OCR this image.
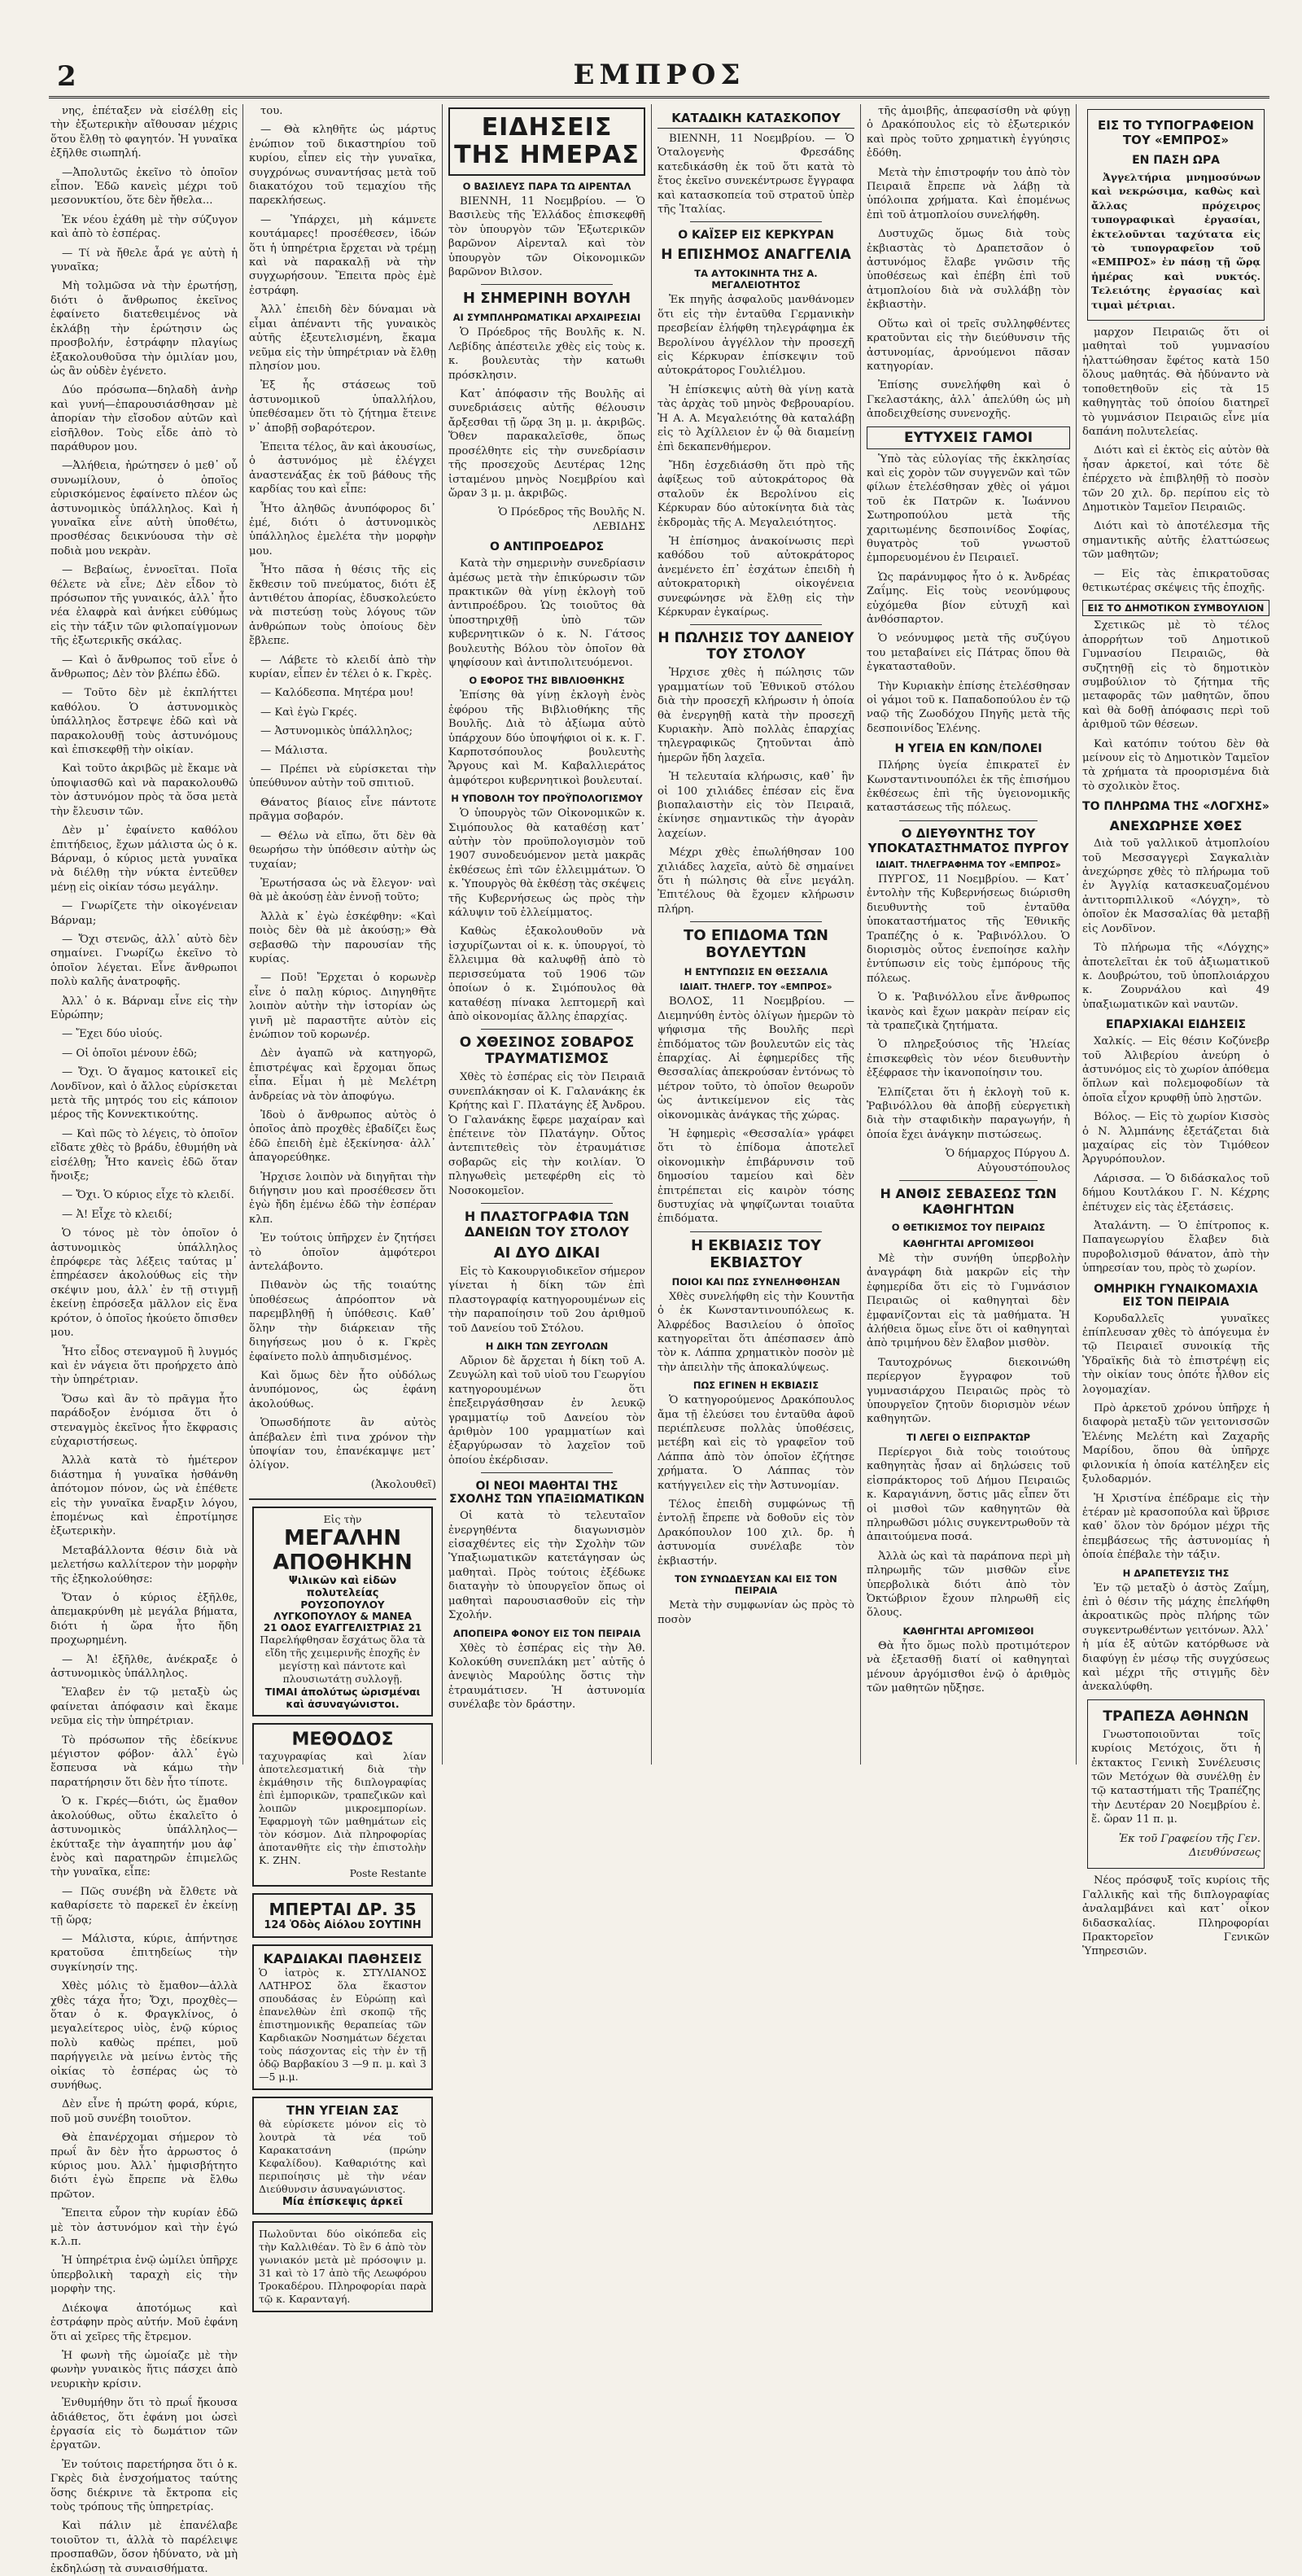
2	ΕΜΠΡΟΣ

νης, ἐπέταξεν νὰ εἰσέλθῃ εἰς τὴν ἐξωτερικὴν αἴθουσαν μέχρις ὅτου ἔλθῃ τὸ φαγητόν. Ἡ γυναῖκα ἐξῆλθε σιωπηλή.

—Ἀπολυτῶς ἐκεῖνο τὸ ὁποῖον εἶπον. Ἐδῶ κανεὶς μέχρι τοῦ μεσονυκτίου, ὅτε δὲν ἤθελα...

Ἐκ νέου ἐχάθη μὲ τὴν σύζυγον καὶ ἀπὸ τὸ ἑσπέρας.

— Τί νὰ ἤθελε ἆρά γε αὐτὴ ἡ γυναῖκα;

Μὴ τολμῶσα νὰ τὴν ἐρωτήσῃ, διότι ὁ ἄνθρωπος ἐκεῖνος ἐφαίνετο διατεθειμένος νὰ ἐκλάβῃ τὴν ἐρώτησιν ὡς προσβολήν, ἐστράφην πλαγίως ἐξακολουθοῦσα τὴν ὁμιλίαν μου, ὡς ἂν οὐδὲν ἐγένετο.

Δύο πρόσωπα—δηλαδὴ ἀνὴρ καὶ γυνή—ἐπαρουσιάσθησαν μὲ ἀπορίαν τὴν εἴσοδον αὐτῶν καὶ εἰσῆλθον. Τοὺς εἶδε ἀπὸ τὸ παράθυρον μου.

—Ἀλήθεια, ἠρώτησεν ὁ μεθ᾿ οὗ συνωμίλουν, ὁ ὁποῖος εὑρισκόμενος ἐφαίνετο πλέον ὡς ἀστυνομικὸς ὑπάλληλος. Καὶ ἡ γυναῖκα εἶνε αὐτὴ ὑποθέτω, προσθέσας δεικνύουσα τὴν σὲ ποδιὰ μου νεκρὰν.

— Βεβαίως, ἐννοεῖται. Ποῖα θέλετε νὰ εἶνε; Δὲν εἶδον τὸ πρόσωπον τῆς γυναικός, ἀλλ᾿ ἦτο νέα ἐλαφρὰ καὶ ἀνήκει εὐθύμως εἰς τὴν τάξιν τῶν φιλοπαίγμονων τῆς ἐξωτερικῆς σκάλας.

— Καὶ ὁ ἄνθρωπος τοῦ εἶνε ὁ ἄνθρωπος; Δὲν τὸν βλέπω ἐδῶ.

— Τοῦτο δὲν μὲ ἐκπλήττει καθόλου. Ὁ ἀστυνομικὸς ὑπάλληλος ἔστρεψε ἐδῶ καὶ νὰ παρακολουθῇ τοὺς ἀστυνόμους καὶ ἐπισκεφθῇ τὴν οἰκίαν.

Καὶ τοῦτο ἀκριβῶς μὲ ἔκαμε νὰ ὑποψιασθῶ καὶ νὰ παρακολουθῶ τὸν ἀστυνόμον πρὸς τὰ ὅσα μετὰ τὴν ἔλευσιν τῶν.

Δὲν μ᾿ ἐφαίνετο καθόλου ἐπιτήδειος, ἔχων μάλιστα ὡς ὁ κ. Βάρναμ, ὁ κύριος μετὰ γυναῖκα νὰ διέλθῃ τὴν νύκτα ἐντεῦθεν μένῃ εἰς οἰκίαν τόσω μεγάλην.

— Γνωρίζετε τὴν οἰκογένειαν Βάρναμ;

— Ὄχι στενῶς, ἀλλ᾿ αὐτὸ δὲν σημαίνει. Γνωρίζω ἐκεῖνο τὸ ὁποῖον λέγεται. Εἶνε ἄνθρωποι πολὺ καλῆς ἀνατροφῆς.

Ἀλλ᾿ ὁ κ. Βάρναμ εἶνε εἰς τὴν Εὐρώπην;

— Ἔχει δύο υἱούς.

— Οἱ ὁποῖοι μένουν ἐδῶ;

— Ὄχι. Ὁ ἄγαμος κατοικεῖ εἰς Λονδῖνον, καὶ ὁ ἄλλος εὑρίσκεται μετὰ τῆς μητρός του εἰς κάποιον μέρος τῆς Κοννεκτικούτης.

— Καὶ πῶς τὸ λέγεις, τὸ ὁποῖον εἴδατε χθὲς τὸ βράδυ, ἐθυμήθη νὰ εἰσέλθῃ; Ἦτο κανεὶς ἐδῶ ὅταν ἤνοιξε;

— Ὄχι. Ὁ κύριος εἶχε τὸ κλειδί.

— Ἀ! Εἶχε τὸ κλειδί;

Ὁ τόνος μὲ τὸν ὁποῖον ὁ ἀστυνομικὸς ὑπάλληλος ἐπρόφερε τὰς λέξεις ταύτας μ᾿ ἐπηρέασεν ἀκολούθως εἰς τὴν σκέψιν μου, ἀλλ᾿ ἐν τῇ στιγμῇ ἐκείνῃ ἐπρόσεξα μᾶλλον εἰς ἕνα κρότον, ὁ ὁποῖος ἠκούετο ὄπισθεν μου.

Ἦτο εἶδος στεναγμοῦ ἢ λυγμός καὶ ἐν νάγεια ὅτι προήρχετο ἀπὸ τὴν ὑπηρέτριαν.

Ὅσω καὶ ἂν τὸ πρᾶγμα ἦτο παράδοξον ἐνόμισα ὅτι ὁ στεναγμὸς ἐκεῖνος ἦτο ἔκφρασις εὐχαριστήσεως.

Ἀλλὰ κατὰ τὸ ἡμέτερον διάστημα ἡ γυναῖκα ἠσθάνθη ἀπότομον πόνον, ὡς νὰ ἐπέθετε εἰς τὴν γυναῖκα ἔναρξιν λόγου, ἑπομένως καὶ ἐπροτίμησε ἐξωτερικὴν.

Μεταβάλλοντα θέσιν διὰ νὰ μελετήσω καλλίτερον τὴν μορφὴν τῆς ἐξηκολούθησε:

Ὅταν ὁ κύριος ἐξῆλθε, ἀπεμακρύνθη μὲ μεγάλα βήματα, διότι ἡ ὥρα ἦτο ἤδη προχωρημένη.

— Ἀ! ἐξῆλθε, ἀνέκραξε ὁ ἀστυνομικὸς ὑπάλληλος.

Ἔλαβεν ἐν τῷ μεταξὺ ὡς φαίνεται ἀπόφασιν καὶ ἔκαμε νεῦμα εἰς τὴν ὑπηρέτριαν.

Τὸ πρόσωπον τῆς ἐδείκνυε μέγιστον φόβον· ἀλλ᾿ ἐγὼ ἔσπευσα νὰ κάμω τὴν παρατήρησιν ὅτι δὲν ἦτο τίποτε.

Ὁ κ. Γκρές—διότι, ὡς ἔμαθον ἀκολούθως, οὕτω ἐκαλεῖτο ὁ ἀστυνομικὸς ὑπάλληλος—ἐκύτταξε τὴν ἀγαπητήν μου ἀφ᾿ ἑνὸς καὶ παρατηρῶν ἐπιμελῶς τὴν γυναῖκα, εἶπε:

— Πῶς συνέβη νὰ ἔλθετε νὰ καθαρίσετε τὸ παρεκεῖ ἐν ἐκείνῃ τῇ ὥρᾳ;

— Μάλιστα, κύριε, ἀπήντησε κρατοῦσα ἐπιτηδείως τὴν συγκίνησίν της.

Χθὲς μόλις τὸ ἔμαθον—ἀλλὰ χθὲς τάχα ἦτο; Ὄχι, προχθὲς—ὅταν ὁ κ. Φραγκλίνος, ὁ μεγαλείτερος υἱὸς, ἐνῷ κύριος πολὺ καθὼς πρέπει, μοῦ παρήγγειλε νὰ μείνω ἐντὸς τῆς οἰκίας τὸ ἑσπέρας ὡς τὸ συνήθως.

Δὲν εἶνε ἡ πρώτη φορά, κύριε, ποῦ μοῦ συνέβη τοιοῦτον.

Θὰ ἐπανέρχομαι σήμερον τὸ πρωΐ ἂν δὲν ἦτο ἀρρωστος ὁ κύριος μου. Ἀλλ᾿ ἡμφισβήτητο διότι ἐγὼ ἔπρεπε νὰ ἔλθω πρῶτον.

Ἔπειτα εὗρον τὴν κυρίαν ἐδῶ μὲ τὸν ἀστυνόμον καὶ τὴν ἐγώ κ.λ.π.

Ἡ ὑπηρέτρια ἐνῷ ὡμίλει ὑπῆρχε ὑπερβολικὴ ταραχὴ εἰς τὴν μορφὴν της.

Διέκοψα ἀποτόμως καὶ ἐστράφην πρὸς αὐτήν. Μοῦ ἐφάνη ὅτι αἱ χεῖρες τῆς ἔτρεμον.

Ἡ φωνὴ τῆς ὡμοίαζε μὲ τὴν φωνὴν γυναικὸς ἥτις πάσχει ἀπὸ νευρικὴν κρίσιν.

Ἐνθυμήθην ὅτι τὸ πρωΐ ἤκουσα ἀδιάθετος, ὅτι ἐφάνη μοι ὡσεὶ ἐργασία εἰς τὸ δωμάτιον τῶν ἐργατῶν.

Ἐν τούτοις παρετήρησα ὅτι ὁ κ. Γκρὲς διὰ ἐνσχοήματος ταύτης ὅσης διέκρινε τὰ ἔκτροπα εἰς τοὺς τρόπους τῆς ὑπηρετρίας.

Καὶ πάλιν μὲ ἐπανέλαβε τοιοῦτον τι, ἀλλὰ τὸ παρέλειψε προσπαθῶν, ὅσον ἠδύνατο, νὰ μὴ ἐκδηλώσῃ τὰ συναισθήματα.

του.

— Θὰ κληθῆτε ὡς μάρτυς ἐνώπιον τοῦ δικαστηρίου τοῦ κυρίου, εἶπεν εἰς τὴν γυναῖκα, συγχρόνως συναντήσας μετὰ τοῦ διακατόχου τοῦ τεμαχίου τῆς παρεκλήσεως.

— Ὑπάρχει, μὴ κάμνετε κουτάμαρες! προσέθεσεν, ἰδών ὅτι ἡ ὑπηρέτρια ἔρχεται νὰ τρέμῃ καὶ νὰ παρακαλῇ νὰ τὴν συγχωρήσουν. Ἔπειτα πρὸς ἐμὲ ἐστράφη.

Ἀλλ᾿ ἐπειδὴ δὲν δύναμαι νὰ εἶμαι ἀπέναντι τῆς γυναικὸς αὐτῆς ἐξευτελισμένη, ἔκαμα νεῦμα εἰς τὴν ὑπηρέτριαν νὰ ἔλθῃ πλησίον μου.

Ἐξ ἧς στάσεως τοῦ ἀστυνομικοῦ ὑπαλλήλου, ὑπεθέσαμεν ὅτι τὸ ζήτημα ἔτεινε ν᾿ ἀποβῇ σοβαρότερον.

Ἐπειτα τέλος, ἂν καὶ ἀκουσίως, ὁ ἀστυνόμος μὲ ἐλέγχει ἀναστενάξας ἐκ τοῦ βάθους τῆς καρδίας του καὶ εἶπε:

Ἦτο ἀληθῶς ἀνυπόφορος δι᾿ ἐμέ, διότι ὁ ἀστυνομικὸς ὑπάλληλος ἐμελέτα τὴν μορφὴν μου.

Ἦτο πᾶσα ἡ θέσις τῆς εἰς ἔκθεσιν τοῦ πνεύματος, διότι ἐξ ἀντιθέτου ἀπορίας, ἐδυσκολεύετο νὰ πιστεύσῃ τοὺς λόγους τῶν ἀνθρώπων τοὺς ὁποίους δὲν ἔβλεπε.

— Λάβετε τὸ κλειδί ἀπὸ τὴν κυρίαν, εἶπεν ἐν τέλει ὁ κ. Γκρὲς.

— Καλόδεσπα. Μητέρα μου!

— Καὶ ἐγὼ Γκρές.

— Ἀστυνομικὸς ὑπάλληλος;

— Μάλιστα.

— Πρέπει νὰ εὑρίσκεται τὴν ὑπεύθυνον αὐτὴν τοῦ σπιτιοῦ.

Θάνατος βίαιος εἶνε πάντοτε πρᾶγμα σοβαρόν.

— Θέλω νὰ εἴπω, ὅτι δὲν θὰ θεωρήσω τὴν ὑπόθεσιν αὐτὴν ὡς τυχαίαν;

Ἐρωτήσασα ὡς νὰ ἔλεγον· ναὶ θὰ μὲ ἀκούσῃ ἐὰν ἐννοῇ τοῦτο;

Ἀλλὰ κ᾿ ἐγὼ ἐσκέφθην: «Καὶ ποιὸς δὲν θὰ μὲ ἀκούσῃ;» Θὰ σεβασθῶ τὴν παρουσίαν τῆς κυρίας.

— Ποῦ! Ἔρχεται ὁ κορωνὲρ εἶνε ὁ παλῃ κύριος. Διηγηθῆτε λοιπὸν αὐτὴν τὴν ἱστορίαν ὡς γινῆ μὲ παραστῆτε αὐτὸν εἰς ἐνώπιον τοῦ κορωνέρ.

Δὲν ἀγαπῶ νὰ κατηγορῶ, ἐπιστρέψας καὶ ἔρχομαι ὅπως εἶπα. Εἶμαι ἡ μὲ Μελέτρη ἀνδρείας νὰ τὸν ἀποφύγω.

Ἰδοὺ ὁ ἄνθρωπος αὐτὸς ὁ ὁποῖος ἀπὸ προχθὲς ἐβαδίζει ἔως ἐδῶ ἐπειδὴ ἐμὲ ἐξεκίνησα· ἀλλ᾿ ἀπαγορεύθηκε.

Ἠρχισε λοιπὸν νὰ διηγῆται τὴν διήγησιν μου καὶ προσέθεσεν ὅτι ἐγὼ ἤδη ἐμένω ἐδῶ τὴν ἐσπέραν κλπ.

Ἐν τούτοις ὑπῆρχεν ἐν ζητήσει τὸ ὁποῖον ἀμφότεροι ἀντελάβοντο.

Πιθανὸν ὡς τῆς τοιαύτης ὑποθέσεως ἀπρόοπτον νὰ παρεμβληθῇ ἡ ὑπόθεσις. Καθ᾿ ὅλην τὴν διάρκειαν τῆς διηγήσεως μου ὁ κ. Γκρὲς ἐφαίνετο πολὺ ἀπηυδισμένος.

Καὶ ὅμως δὲν ἦτο οὐδόλως ἀνυπόμονος, ὡς ἐφάνη ἀκολούθως.

Ὁπωσδήποτε ἂν αὐτὸς ἀπέβαλεν ἐπὶ τινα χρόνον τὴν ὑποψίαν του, ἐπανέκαμψε μετ᾿ ὀλίγον.

(Ἀκολουθεῖ)

Εἰς τὴν
ΜΕΓΑΛΗΝ ΑΠΟΘΗΚΗΝ
Ψιλικῶν καὶ εἰδῶν πολυτελείας
ΡΟΥΣΟΠΟΥΛΟΥ ΛΥΓΚΟΠΟΥΛΟΥ & ΜΑΝΕΑ
21 ΟΔΟΣ ΕΥΑΓΓΕΛΙΣΤΡΙΑΣ 21
Παρελήφθησαν ἔσχάτως ὅλα τὰ εἴδη τῆς χειμερινῆς ἐποχῆς ἐν μεγίστῃ καὶ πάντοτε καὶ πλουσιωτάτῃ συλλογῇ.
ΤΙΜΑΙ ἀπολύτως ὡρισμέναι καὶ ἀσυναγώνιστοι.
ΜΕΘΟΔΟΣ
ταχυγραφίας καὶ λίαν ἀποτελεσματική διὰ τὴν ἐκμάθησιν τῆς διπλογραφίας ἐπὶ ἐμπορικῶν, τραπεζικῶν καὶ λοιπῶν μικροεμπορίων. Ἐφαρμογὴ τῶν μαθημάτων εἰς τὸν κόσμον. Διὰ πληροφορίας ἀποτανθῆτε εἰς τὴν ἐπιστολὴν Κ. ΖΗΝ.
Poste Restante
ΜΠΕΡΤΑΙ ΔΡ. 35
124 Ὁδὸς Αἰόλου ΣΟΥΤΙΝΗ
ΚΑΡΔΙΑΚΑΙ ΠΑΘΗΣΕΙΣ
Ὁ ἰατρὸς κ. ΣΤΥΛΙΑΝΟΣ ΛΑΤΗΡΟΣ ὅλα ἕκαστον σπουδάσας ἐν Εὐρώπῃ καὶ ἐπανελθὼν ἐπὶ σκοπῷ τῆς ἐπιστημονικῆς θεραπείας τῶν Καρδιακῶν Νοσημάτων δέχεται τοὺς πάσχοντας εἰς τὴν ἐν τῇ ὁδῷ Βαρβακίου 3 —9 π. μ. καὶ 3—5 μ.μ.
ΤΗΝ ΥΓΕΙΑΝ ΣΑΣ
θὰ εὑρίσκετε μόνον εἰς τὸ λουτρὰ τὰ νέα τοῦ Καρακατσάνη (πρώην Κεφαλίδου). Καθαριότης καὶ περιποίησις μὲ τὴν νέαν Διεύθυνσιν ἀσυναγώνιστος.
Μία ἐπίσκεψις ἀρκεῖ
Πωλοῦνται δύο οἰκόπεδα εἰς τὴν Καλλιθέαν. Τὸ ἓν 6 ἀπὸ τὸν γωνιακόν μετὰ μὲ πρόσοψιν μ. 31 καὶ τὸ 17 ἀπὸ τῆς Λεωφόρου Τροκαδέρου. Πληροφορίαι παρὰ τῷ κ. Καρανταγή.
ΕΙΔΗΣΕΙΣ ΤΗΣ ΗΜΕΡΑΣ
Ο ΒΑΣΙΛΕΥΣ ΠΑΡΑ ΤΩ ΑΙΡΕΝΤΑΛ

ΒΙΕΝΝΗ, 11 Νοεμβρίου. — Ὁ Βασιλεὺς τῆς Ἑλλάδος ἐπισκεφθῆ τὸν ὑπουργὸν τῶν Ἐξωτερικῶν βαρῶνον Αἰρενταλ καὶ τὸν ὑπουργὸν τῶν Οἰκονομικῶν βαρῶνον Βιλσον.

Η ΣΗΜΕΡΙΝΗ ΒΟΥΛΗ
ΑΙ ΣΥΜΠΛΗΡΩΜΑΤΙΚΑΙ ΑΡΧΑΙΡΕΣΙΑΙ

Ὁ Πρόεδρος τῆς Βουλῆς κ. Ν. Λεβίδης ἀπέστειλε χθὲς εἰς τοὺς κ. κ. βουλευτὰς τὴν κατωθι πρόσκλησιν.

Κατ᾿ ἀπόφασιν τῆς Βουλῆς αἱ συνεδριάσεις αὐτῆς θέλουσιν ἄρξεσθαι τῇ ὥρᾳ 3η μ. μ. ἀκριβῶς. Ὅθεν παρακαλεῖσθε, ὅπως προσέλθητε εἰς τὴν συνεδρίασιν τῆς προσεχοῦς Δευτέρας 12ης ἰσταμένου μηνὸς Νοεμβρίου καὶ ὥραν 3 μ. μ. ἀκριβῶς.

Ὁ Πρόεδρος τῆς Βουλῆς Ν. ΛΕΒΙΔΗΣ

Ο ΑΝΤΙΠΡΟΕΔΡΟΣ

Κατὰ τὴν σημερινὴν συνεδρίασιν ἀμέσως μετὰ τὴν ἐπικύρωσιν τῶν πρακτικῶν θὰ γίνῃ ἐκλογὴ τοῦ ἀντιπροέδρου. Ὡς τοιοῦτος θὰ ὑποστηριχθῇ ὑπὸ τῶν κυβερνητικῶν ὁ κ. Ν. Γάτσος βουλευτὴς Βόλου τὸν ὁποῖον θὰ ψηφίσουν καὶ ἀντιπολιτευόμενοι.

Ο ΕΦΟΡΟΣ ΤΗΣ ΒΙΒΛΙΟΘΗΚΗΣ

Ἐπίσης θὰ γίνῃ ἐκλογὴ ἐνὸς ἐφόρου τῆς Βιβλιοθήκης τῆς Βουλῆς. Διὰ τὸ ἀξίωμα αὐτὸ ὑπάρχουν δύο ὑποψήφιοι οἱ κ. κ. Γ. Καρποτσόπουλος βουλευτὴς Ἄργους καὶ Μ. Καβαλλιεράτος ἀμφότεροι κυβερνητικοὶ βουλευταί.

Η ΥΠΟΒΟΛΗ ΤΟΥ ΠΡΟΫΠΟΛΟΓΙΣΜΟΥ

Ὁ ὑπουργὸς τῶν Οἰκονομικῶν κ. Σιμόπουλος θὰ καταθέσῃ κατ᾿ αὐτὴν τὸν προϋπολογισμὸν τοῦ 1907 συνοδευόμενον μετὰ μακρᾶς ἐκθέσεως ἐπὶ τῶν ἐλλειμμάτων. Ὁ κ. Ὑπουργὸς θὰ ἐκθέσῃ τὰς σκέψεις τῆς Κυβερνήσεως ὡς πρὸς τὴν κάλυψιν τοῦ ἐλλείμματος.

Καθὼς ἐξακολουθοῦν νὰ ἰσχυρίζωνται οἱ κ. κ. ὑπουργοί, τὸ ἔλλειμμα θὰ καλυφθῇ ἀπὸ τὸ περισσεύματα τοῦ 1906 τῶν ὁποίων ὁ κ. Σιμόπουλος θὰ καταθέσῃ πίνακα λεπτομερῆ καὶ ἀπὸ οἰκονομίας ἄλλης ἐπαρχίας.

Ο ΧΘΕΣΙΝΟΣ ΣΟΒΑΡΟΣ ΤΡΑΥΜΑΤΙΣΜΟΣ

Χθὲς τὸ ἑσπέρας εἰς τὸν Πειραιᾶ συνεπλάκησαν οἱ Κ. Γαλανάκης ἐκ Κρήτης καὶ Γ. Πλατάγης ἐξ Ἀνδρου. Ὁ Γαλανάκης ἔφερε μαχαίραν καὶ ἐπέτεινε τὸν Πλατάγην. Οὗτος ἀντεπιτεθεὶς τὸν ἐτραυμάτισε σοβαρῶς εἰς τὴν κοιλίαν. Ὁ πληγωθεὶς μετεφέρθη εἰς τὸ Νοσοκομεῖον.

Η ΠΛΑΣΤΟΓΡΑΦΙΑ ΤΩΝ ΔΑΝΕΙΩΝ ΤΟΥ ΣΤΟΛΟΥ
ΑΙ ΔΥΟ ΔΙΚΑΙ

Εἰς τὸ Κακουργιοδικεῖον σήμερον γίνεται ἡ δίκη τῶν ἐπὶ πλαστογραφίᾳ κατηγορουμένων εἰς τὴν παραποίησιν τοῦ 2ου ἀριθμοῦ τοῦ Δανείου τοῦ Στόλου.

Η ΔΙΚΗ ΤΩΝ ΖΕΥΓΟΛΩΝ

Αὔριον δὲ ἄρχεται ἡ δίκη τοῦ Α. Ζευγώλη καὶ τοῦ υἱοῦ του Γεωργίου κατηγορουμένων ὅτι ἐπεξειργάσθησαν ἐν λευκῷ γραμματίῳ τοῦ Δανείου τὸν ἀριθμὸν 100 γραμματίων καὶ ἐξαργύρωσαν τὸ λαχεῖον τοῦ ὁποίου ἐκέρδισαν.

ΟΙ ΝΕΟΙ ΜΑΘΗΤΑΙ ΤΗΣ ΣΧΟΛΗΣ ΤΩΝ ΥΠΑΞΙΩΜΑΤΙΚΩΝ

Οἱ κατὰ τὸ τελευταῖον ἐνεργηθέντα διαγωνισμὸν εἰσαχθέντες εἰς τὴν Σχολὴν τῶν Ὑπαξιωματικῶν κατετάγησαν ὡς μαθηταὶ. Πρὸς τούτοις ἐξέδωκε διαταγὴν τὸ ὑπουργεῖον ὅπως οἱ μαθηταὶ παρουσιασθοῦν εἰς τὴν Σχολήν.

ΑΠΟΠΕΙΡΑ ΦΟΝΟΥ ΕΙΣ ΤΟΝ ΠΕΙΡΑΙΑ

Χθὲς τὸ ἑσπέρας εἰς τὴν Ἀθ. Κολοκύθη συνεπλάκη μετ᾿ αὐτῆς ὁ ἀνεψιὸς Μαρούλης ὅστις τὴν ἐτραυμάτισεν. Ἡ ἀστυνομία συνέλαβε τὸν δράστην.

ΚΑΤΑΔΙΚΗ ΚΑΤΑΣΚΟΠΟΥ

ΒΙΕΝΝΗ, 11 Νοεμβρίου. — Ὁ Ὁταλογενὴς Φρεσάδης κατεδικάσθη ἐκ τοῦ ὅτι κατὰ τὸ ἔτος ἐκεῖνο συνεκέντρωσε ἔγγραφα καὶ κατασκοπεία τοῦ στρατοῦ ὑπὲρ τῆς Ἰταλίας.

Ο ΚΑΪΣΕΡ ΕΙΣ ΚΕΡΚΥΡΑΝ
Η ΕΠΙΣΗΜΟΣ ΑΝΑΓΓΕΛΙΑ
ΤΑ ΑΥΤΟΚΙΝΗΤΑ ΤΗΣ Α. ΜΕΓΑΛΕΙΟΤΗΤΟΣ

Ἐκ πηγῆς ἀσφαλοῦς μανθάνομεν ὅτι εἰς τὴν ἐνταῦθα Γερμανικὴν πρεσβείαν ἐλήφθη τηλεγράφημα ἐκ Βερολίνου ἀγγέλλον τὴν προσεχῆ εἰς Κέρκυραν ἐπίσκεψιν τοῦ αὐτοκράτορος Γουλιέλμου.

Ἡ ἐπίσκεψις αὐτὴ θὰ γίνῃ κατὰ τὰς ἀρχὰς τοῦ μηνὸς Φεβρουαρίου. Ἡ Α. Α. Μεγαλειότης θὰ καταλάβῃ εἰς τὸ Ἀχίλλειον ἐν ᾧ θὰ διαμείνῃ ἐπὶ δεκαπενθήμερον.

Ἤδη ἐσχεδιάσθη ὅτι πρὸ τῆς ἀφίξεως τοῦ αὐτοκράτορος θὰ σταλοῦν ἐκ Βερολίνου εἰς Κέρκυραν δύο αὐτοκίνητα διὰ τὰς ἐκδρομὰς τῆς Α. Μεγαλειότητος.

Ἡ ἐπίσημος ἀνακοίνωσις περὶ καθόδου τοῦ αὐτοκράτορος ἀνεμένετο ἐπ᾿ ἐσχάτων ἐπειδὴ ἡ αὐτοκρατορικὴ οἰκογένεια συνεφώνησε νὰ ἔλθῃ εἰς τὴν Κέρκυραν ἐγκαίρως.

Η ΠΩΛΗΣΙΣ ΤΟΥ ΔΑΝΕΙΟΥ ΤΟΥ ΣΤΟΛΟΥ

Ἠρχισε χθὲς ἡ πώλησις τῶν γραμματίων τοῦ Ἐθνικοῦ στόλου διὰ τὴν προσεχῆ κλήρωσιν ἡ ὁποία θὰ ἐνεργηθῇ κατὰ τὴν προσεχῆ Κυριακὴν. Ἀπὸ πολλὰς ἐπαρχίας τηλεγραφικῶς ζητοῦνται ἀπὸ ἡμερῶν ἤδη λαχεῖα.

Ἡ τελευταία κλήρωσις, καθ᾿ ἣν οἱ 100 χιλιάδες ἐπέσαν εἰς ἕνα βιοπαλαιστὴν εἰς τὸν Πειραιᾶ, ἐκίνησε σημαντικῶς τὴν ἀγορὰν λαχείων.

Μέχρι χθὲς ἐπωλήθησαν 100 χιλιάδες λαχεῖα, αὐτὸ δὲ σημαίνει ὅτι ἡ πώλησις θὰ εἶνε μεγάλη. Ἐπιτέλους θὰ ἔχομεν κλήρωσιν πλήρη.

ΤΟ ΕΠΙΔΟΜΑ ΤΩΝ ΒΟΥΛΕΥΤΩΝ
Η ΕΝΤΥΠΩΣΙΣ ΕΝ ΘΕΣΣΑΛΙΑ
ΙΔΙΑΙΤ. ΤΗΛΕΓΡ. ΤΟΥ «ΕΜΠΡΟΣ»

ΒΟΛΟΣ, 11 Νοεμβρίου. — Διεμηνύθη ἐντὸς ὀλίγων ἡμερῶν τὸ ψήφισμα τῆς Βουλῆς περὶ ἐπιδόματος τῶν βουλευτῶν εἰς τὰς ἐπαρχίας. Αἱ ἐφημερίδες τῆς Θεσσαλίας ἀπεκρούσαν ἐντόνως τὸ μέτρον τοῦτο, τὸ ὁποῖον θεωροῦν ὡς ἀντικείμενον εἰς τὰς οἰκονομικὰς ἀνάγκας τῆς χώρας.

Ἡ ἐφημερὶς «Θεσσαλία» γράφει ὅτι τὸ ἐπίδομα ἀποτελεῖ οἰκονομικὴν ἐπιβάρυνσιν τοῦ δημοσίου ταμείου καὶ δὲν ἐπιτρέπεται εἰς καιρὸν τόσης δυστυχίας νὰ ψηφίζωνται τοιαῦτα ἐπιδόματα.

Η ΕΚΒΙΑΣΙΣ ΤΟΥ ΕΚΒΙΑΣΤΟΥ
ΠΟΙΟΙ ΚΑΙ ΠΩΣ ΣΥΝΕΛΗΦΘΗΣΑΝ

Χθὲς συνελήφθη εἰς τὴν Κουντῆα ὁ ἐκ Κωνσταντινουπόλεως κ. Ἀλφρέδος Βασιλείου ὁ ὁποῖος κατηγορεῖται ὅτι ἀπέσπασεν ἀπὸ τὸν κ. Λάππα χρηματικὸν ποσὸν μὲ τὴν ἀπειλὴν τῆς ἀποκαλύψεως.

ΠΩΣ ΕΓΙΝΕΝ Η ΕΚΒΙΑΣΙΣ

Ὁ κατηγορούμενος Δρακόπουλος ἄμα τῇ ἐλεύσει του ἐνταῦθα ἀφοῦ περιέπλευσε πολλὰς ὑποθέσεις, μετέβη καὶ εἰς τὸ γραφεῖον τοῦ Λάππα ἀπὸ τὸν ὁποῖον ἐζήτησε χρήματα. Ὁ Λάππας τὸν κατήγγειλεν εἰς τὴν Ἀστυνομίαν.

Τέλος ἐπειδὴ συμφώνως τῇ ἐντολῇ ἔπρεπε νὰ δοθοῦν εἰς τὸν Δρακόπουλον 100 χιλ. δρ. ἡ ἀστυνομία συνέλαβε τὸν ἐκβιαστήν.

ΤΟΝ ΣΥΝΩΔΕΥΣΑΝ ΚΑΙ ΕΙΣ ΤΟΝ ΠΕΙΡΑΙΑ

Μετὰ τὴν συμφωνίαν ὡς πρὸς τὸ ποσὸν

τῆς ἀμοιβῆς, ἀπεφασίσθη νὰ φύγῃ ὁ Δρακόπουλος εἰς τὸ ἐξωτερικόν καὶ πρὸς τοῦτο χρηματικὴ ἐγγύησις ἐδόθη.

Μετὰ τὴν ἐπιστροφήν του ἀπὸ τὸν Πειραιᾶ ἔπρεπε νὰ λάβῃ τὰ ὑπόλοιπα χρήματα. Καὶ ἑπομένως ἐπὶ τοῦ ἀτμοπλοίου συνελήφθη.

Δυστυχῶς ὅμως διὰ τοὺς ἐκβιαστὰς τὸ Δραπετσᾶον ὁ ἀστυνόμος ἔλαβε γνῶσιν τῆς ὑποθέσεως καὶ ἐπέβη ἐπὶ τοῦ ἀτμοπλοίου διὰ νὰ συλλάβῃ τὸν ἐκβιαστὴν.

Οὕτω καὶ οἱ τρεῖς συλληφθέντες κρατοῦνται εἰς τὴν διεύθυνσιν τῆς ἀστυνομίας, ἀρνούμενοι πᾶσαν κατηγορίαν.

Ἐπίσης συνελήφθη καὶ ὁ Γκελαστάκης, ἀλλ᾿ ἀπελύθη ὡς μὴ ἀποδειχθείσης συνενοχῆς.

ΕΥΤΥΧΕΙΣ ΓΑΜΟΙ

Ὑπὸ τὰς εὐλογίας τῆς ἐκκλησίας καὶ εἰς χορὸν τῶν συγγενῶν καὶ τῶν φίλων ἐτελέσθησαν χθὲς οἱ γάμοι τοῦ ἐκ Πατρῶν κ. Ἰωάννου Σωτηροπούλου μετὰ τῆς χαριτωμένης δεσποινίδος Σοφίας, θυγατρὸς τοῦ γνωστοῦ ἐμπορευομένου ἐν Πειραιεῖ.

Ὡς παράνυμφος ἦτο ὁ κ. Ἀνδρέας Ζαΐμης. Εἰς τοὺς νεονύμφους εὐχόμεθα βίον εὐτυχῆ καὶ ἀνθόσπαρτον.

Ὁ νεόνυμφος μετὰ τῆς συζύγου του μεταβαίνει εἰς Πάτρας ὅπου θὰ ἐγκατασταθοῦν.

Τὴν Κυριακὴν ἐπίσης ἐτελέσθησαν οἱ γάμοι τοῦ κ. Παπαδοπούλου ἐν τῷ ναῷ τῆς Ζωοδόχου Πηγῆς μετὰ τῆς δεσποινίδος Ἑλένης.

Η ΥΓΕΙΑ ΕΝ ΚΩΝ/ΠΟΛΕΙ

Πλήρης ὑγεία ἐπικρατεῖ ἐν Κωνσταντινουπόλει ἐκ τῆς ἐπισήμου ἐκθέσεως ἐπὶ τῆς ὑγειονομικῆς καταστάσεως τῆς πόλεως.

Ο ΔΙΕΥΘΥΝΤΗΣ ΤΟΥ ΥΠΟΚΑΤΑΣΤΗΜΑΤΟΣ ΠΥΡΓΟΥ
ΙΔΙΑΙΤ. ΤΗΛΕΓΡΑΦΗΜΑ ΤΟΥ «ΕΜΠΡΟΣ»

ΠΥΡΓΟΣ, 11 Νοεμβρίου. — Κατ᾿ ἐντολὴν τῆς Κυβερνήσεως διώρισθη διευθυντὴς τοῦ ἐνταῦθα ὑποκαταστήματος τῆς Ἐθνικῆς Τραπέζης ὁ κ. Ῥαβινόλλου. Ὁ διορισμὸς οὗτος ἐνεποίησε καλὴν ἐντύπωσιν εἰς τοὺς ἐμπόρους τῆς πόλεως.

Ὁ κ. Ῥαβινόλλου εἶνε ἄνθρωπος ἱκανὸς καὶ ἔχων μακρὰν πείραν εἰς τὰ τραπεζικὰ ζητήματα.

Ὁ πληρεξούσιος τῆς Ἠλείας ἐπισκεφθεὶς τὸν νέον διευθυντὴν ἐξέφρασε τὴν ἱκανοποίησιν του.

Ἐλπίζεται ὅτι ἡ ἐκλογὴ τοῦ κ. Ῥαβινόλλου θὰ ἀποβῇ εὐεργετικὴ διὰ τὴν σταφιδικὴν παραγωγήν, ἡ ὁποία ἔχει ἀνάγκην πιστώσεως.

Ὁ δήμαρχος Πύργου Δ. Αὐγουστόπουλος

Η ΑΝΘΙΣ ΣΕΒΑΣΕΩΣ ΤΩΝ ΚΑΘΗΓΗΤΩΝ
Ο ΘΕΤΙΚΙΣΜΟΣ ΤΟΥ ΠΕΙΡΑΙΩΣ
ΚΑΘΗΓΗΤΑΙ ΑΡΓΟΜΙΣΘΟΙ

Μὲ τὴν συνήθη ὑπερβολὴν ἀναγράφη διὰ μακρῶν εἰς τὴν ἐφημερίδα ὅτι εἰς τὸ Γυμνάσιον Πειραιῶς οἱ καθηγηταὶ δὲν ἐμφανίζονται εἰς τὰ μαθήματα. Ἡ ἀλήθεια ὅμως εἶνε ὅτι οἱ καθηγηταὶ ἀπὸ τριμήνου δὲν ἔλαβον μισθὸν.

Ταυτοχρόνως διεκοινώθη περίεργον ἔγγραφον τοῦ γυμνασιάρχου Πειραιῶς πρὸς τὸ ὑπουργεῖον ζητοῦν διορισμὸν νέων καθηγητῶν.

ΤΙ ΛΕΓΕΙ Ο ΕΙΣΠΡΑΚΤΩΡ

Περίεργοι διὰ τοὺς τοιούτους καθηγητὰς ἦσαν αἱ δηλώσεις τοῦ εἰσπράκτορος τοῦ Δήμου Πειραιῶς κ. Καραγιάννη, ὅστις μᾶς εἶπεν ὅτι οἱ μισθοὶ τῶν καθηγητῶν θὰ πληρωθῶσι μόλις συγκεντρωθοῦν τὰ ἀπαιτούμενα ποσά.

Ἀλλὰ ὡς καὶ τὰ παράπονα περὶ μὴ πληρωμῆς τῶν μισθῶν εἶνε ὑπερβολικὰ διότι ἀπὸ τὸν Ὀκτώβριον ἔχουν πληρωθῆ εἰς ὅλους.

ΚΑΘΗΓΗΤΑΙ ΑΡΓΟΜΙΣΘΟΙ

Θὰ ἦτο ὅμως πολὺ προτιμότερον νὰ ἐξετασθῇ διατί οἱ καθηγηταὶ μένουν ἀργόμισθοι ἐνῷ ὁ ἀριθμὸς τῶν μαθητῶν ηὔξησε.

ΕΙΣ ΤΟ ΤΥΠΟΓΡΑΦΕΙΟΝ ΤΟΥ «ΕΜΠΡΟΣ»
ΕΝ ΠΑΣΗ ΩΡΑ

Ἀγγελτήρια μνημοσύνων καὶ νεκρώσιμα, καθὼς καὶ ἄλλας πρόχειρος τυπογραφικαὶ ἐργασίαι, ἐκτελοῦνται ταχύτατα εἰς τὸ τυπογραφεῖον τοῦ «ΕΜΠΡΟΣ» ἐν πάσῃ τῇ ὥρᾳ ἡμέρας καὶ νυκτός. Τελειότης ἐργασίας καὶ τιμαὶ μέτριαι.

μαρχον Πειραιῶς ὅτι οἱ μαθηταὶ τοῦ γυμνασίου ἠλαττώθησαν ἔφέτος κατὰ 150 ὅλους μαθητάς. Θὰ ἠδύναντο νὰ τοποθετηθοῦν εἰς τὰ 15 καθηγητὰς τοῦ ὁποίου διατηρεῖ τὸ γυμνάσιον Πειραιῶς εἶνε μία δαπάνη πολυτελείας.

Διότι καὶ εἰ ἐκτὸς εἰς αὐτὸν θὰ ἦσαν ἀρκετοί, καὶ τότε δὲ ἐπέρχετο νὰ ἐπιβληθῇ τὸ ποσὸν τῶν 20 χιλ. δρ. περίπου εἰς τὸ Δημοτικὸν Ταμεῖον Πειραιῶς.

Διότι καὶ τὸ ἀποτέλεσμα τῆς σημαντικῆς αὐτῆς ἐλαττώσεως τῶν μαθητῶν;

— Εἰς τὰς ἐπικρατοῦσας θετικωτέρας σκέψεις τῆς ἐποχῆς.

ΕΙΣ ΤΟ ΔΗΜΟΤΙΚΟΝ ΣΥΜΒΟΥΛΙΟΝ

Σχετικῶς μὲ τὸ τέλος ἀπορρήτων τοῦ Δημοτικοῦ Γυμνασίου Πειραιῶς, θὰ συζητηθῇ εἰς τὸ δημοτικὸν συμβούλιον τὸ ζήτημα τῆς μεταφορᾶς τῶν μαθητῶν, ὅπου καὶ θὰ δοθῇ ἀπόφασις περὶ τοῦ ἀριθμοῦ τῶν θέσεων.

Καὶ κατόπιν τούτου δὲν θὰ μείνουν εἰς τὸ Δημοτικὸν Ταμεῖον τὰ χρήματα τὰ προορισμένα διὰ τὸ σχολικὸν ἔτος.

ΤΟ ΠΛΗΡΩΜΑ ΤΗΣ «ΛΟΓΧΗΣ»
ΑΝΕΧΩΡΗΣΕ ΧΘΕΣ

Διὰ τοῦ γαλλικοῦ ἀτμοπλοίου τοῦ Μεσσαγγερὶ Σαγκαλιὰν ἀνεχώρησε χθὲς τὸ πλήρωμα τοῦ ἐν Ἀγγλίᾳ κατασκευαζομένου ἀντιτορπιλλικοῦ «Λόγχη», τὸ ὁποῖον ἐκ Μασσαλίας θὰ μεταβῇ εἰς Λονδῖνον.

Τὸ πλήρωμα τῆς «Λόγχης» ἀποτελεῖται ἐκ τοῦ ἀξιωματικοῦ κ. Δουβρώτου, τοῦ ὑποπλοιάρχου κ. Ζουρνάλου καὶ 49 ὑπαξιωματικῶν καὶ ναυτῶν.

ΕΠΑΡΧΙΑΚΑΙ ΕΙΔΗΣΕΙΣ

Χαλκίς. — Εἰς θέσιν Κοζύνεβρ τοῦ Ἀλιβερίου ἀνεύρη ὁ ἀστυνόμος εἰς τὸ χωρίον ἀπόθεμα ὅπλων καὶ πολεμοφοδίων τὰ ὁποῖα εἶχον κρυφθῇ ὑπὸ λῃστῶν.

Βόλος. — Εἰς τὸ χωρίον Κισσὸς ὁ Ν. Ἀλμπάνης ἐξετάζεται διὰ μαχαίρας εἰς τὸν Τιμόθεον Ἀργυρόπουλον.

Λάρισσα. — Ὁ διδάσκαλος τοῦ δήμου Κουτλάκου Γ. Ν. Κέχρης ἐπέτυχεν εἰς τὰς ἐξετάσεις.

Ἀταλάντη. — Ὁ ἐπίτροπος κ. Παπαγεωργίου ἔλαβεν διὰ πυροβολισμοῦ θάνατον, ἀπὸ τὴν ὑπηρεσίαν του, πρὸς τὸ χωρίον.

ΟΜΗΡΙΚΗ ΓΥΝΑΙΚΟΜΑΧΙΑ ΕΙΣ ΤΟΝ ΠΕΙΡΑΙΑ

Κορυδαλλεῖς γυναῖκες ἐπίπλευσαν χθὲς τὸ ἀπόγευμα ἐν τῷ Πειραιεῖ συνοικίᾳ τῆς Ὑδραϊκῆς διὰ τὸ ἐπιστρέψῃ εἰς τὴν οἰκίαν τους ὁπότε ἦλθον εἰς λογομαχίαν.

Πρὸ ἀρκετοῦ χρόνου ὑπῆρχε ἡ διαφορὰ μεταξὺ τῶν γειτονισσῶν Ἑλένης Μελέτη καὶ Ζαχαρῆς Μαρίδου, ὅπου θὰ ὑπῆρχε φιλονικία ἡ ὁποία κατέληξεν εἰς ξυλοδαρμόν.

Ἡ Χριστίνα ἐπέδραμε εἰς τὴν ἑτέραν μὲ κρασοπούλα καὶ ὕβρισε καθ᾿ ὅλον τὸν δρόμον μέχρι τῆς ἐπεμβάσεως τῆς ἀστυνομίας ἡ ὁποία ἐπέβαλε τὴν τάξιν.

Η ΔΡΑΠΕΤΕΥΣΙΣ ΤΗΣ

Ἐν τῷ μεταξὺ ὁ ἀστὸς Ζαΐμη, ἐπὶ ὁ θέσιν τῆς μάχης ἐπελήφθη ἀκροατικῶς πρὸς πλήρης τῶν συγκεντρωθέντων γειτόνων. Ἀλλ᾿ ἡ μία ἐξ αὐτῶν κατόρθωσε νὰ διαφύγῃ ἐν μέσῳ τῆς συγχύσεως καὶ μέχρι τῆς στιγμῆς δὲν ἀνεκαλύφθη.

ΤΡΑΠΕΖΑ ΑΘΗΝΩΝ

Γνωστοποιοῦνται τοῖς κυρίοις Μετόχοις, ὅτι ἡ ἐκτακτος Γενικὴ Συνέλευσις τῶν Μετόχων θὰ συνέλθῃ ἐν τῷ καταστήματι τῆς Τραπέζης τὴν Δευτέραν 20 Νοεμβρίου ἐ. ἔ. ὥραν 11 π. μ.

Ἐκ τοῦ Γραφείου τῆς Γεν. Διευθύνσεως

Νέος πρόσφυξ τοῖς κυρίοις τῆς Γαλλικῆς καὶ τῆς διπλογραφίας ἀναλαμβάνει καὶ κατ᾿ οἶκον διδασκαλίας. Πληροφορίαι Πρακτορεῖον Γενικῶν Ὑπηρεσιῶν.
